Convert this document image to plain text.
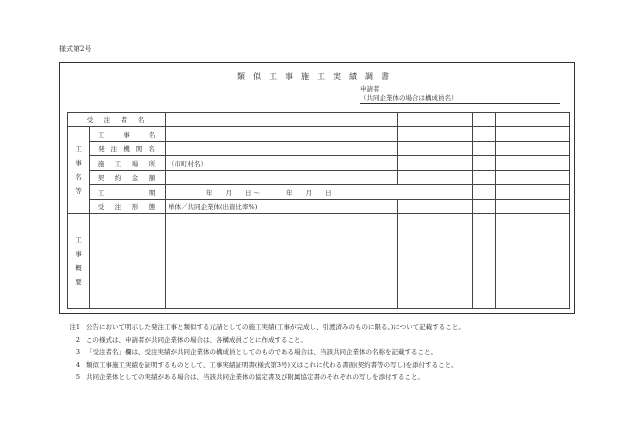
様式第2号
類似工事施工実績調書
申請者
（共同企業体の場合は構成員名）
受　注　者　名					
工事名等	工　　事　　名				
	発 注 機 関 名				
	施　工　場　所	（市町村名）			
	契　約　金　額				
	工　　　　　期	年　　月　　日 ～　　　　年　　月　　日			
	受　注　形　態	単体／共同企業体(出資比率%)			
工事概要					
注1 公告において明示した発注工事と類似する元請としての施工実績(工事が完成し、引渡済みのものに限る。)について記載すること。
2 この様式は、申請者が共同企業体の場合は、各構成員ごとに作成すること。
3 「受注者名」欄は、受注実績が共同企業体の構成員としてのものである場合は、当該共同企業体の名称を記載すること。
4 類似工事施工実績を証明するものとして、工事実績証明書(様式第3号)又はこれに代わる書面(契約書等の写し)を添付すること。
5 共同企業体としての実績がある場合は、当該共同企業体の協定書及び附属協定書のそれぞれの写しを添付すること。
